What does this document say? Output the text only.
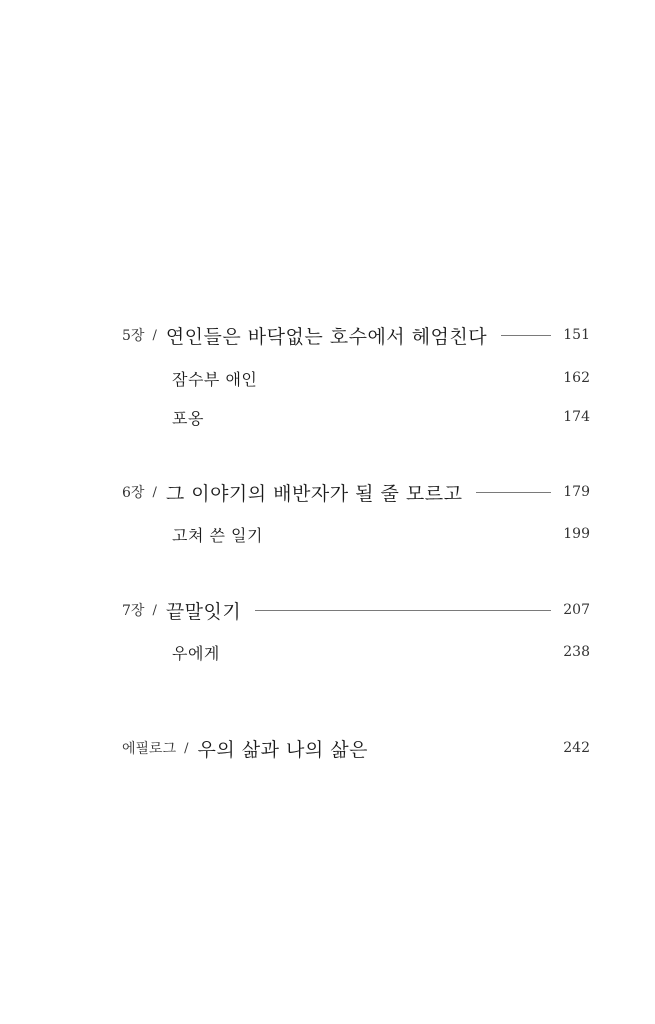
5장 / 연인들은 바닥없는 호수에서 헤엄친다	151
잠수부 애인	162
포옹	174
6장 / 그 이야기의 배반자가 될 줄 모르고	179
고쳐 쓴 일기	199
7장 / 끝말잇기	207
우에게	238
에필로그 / 우의 삶과 나의 삶은	242
